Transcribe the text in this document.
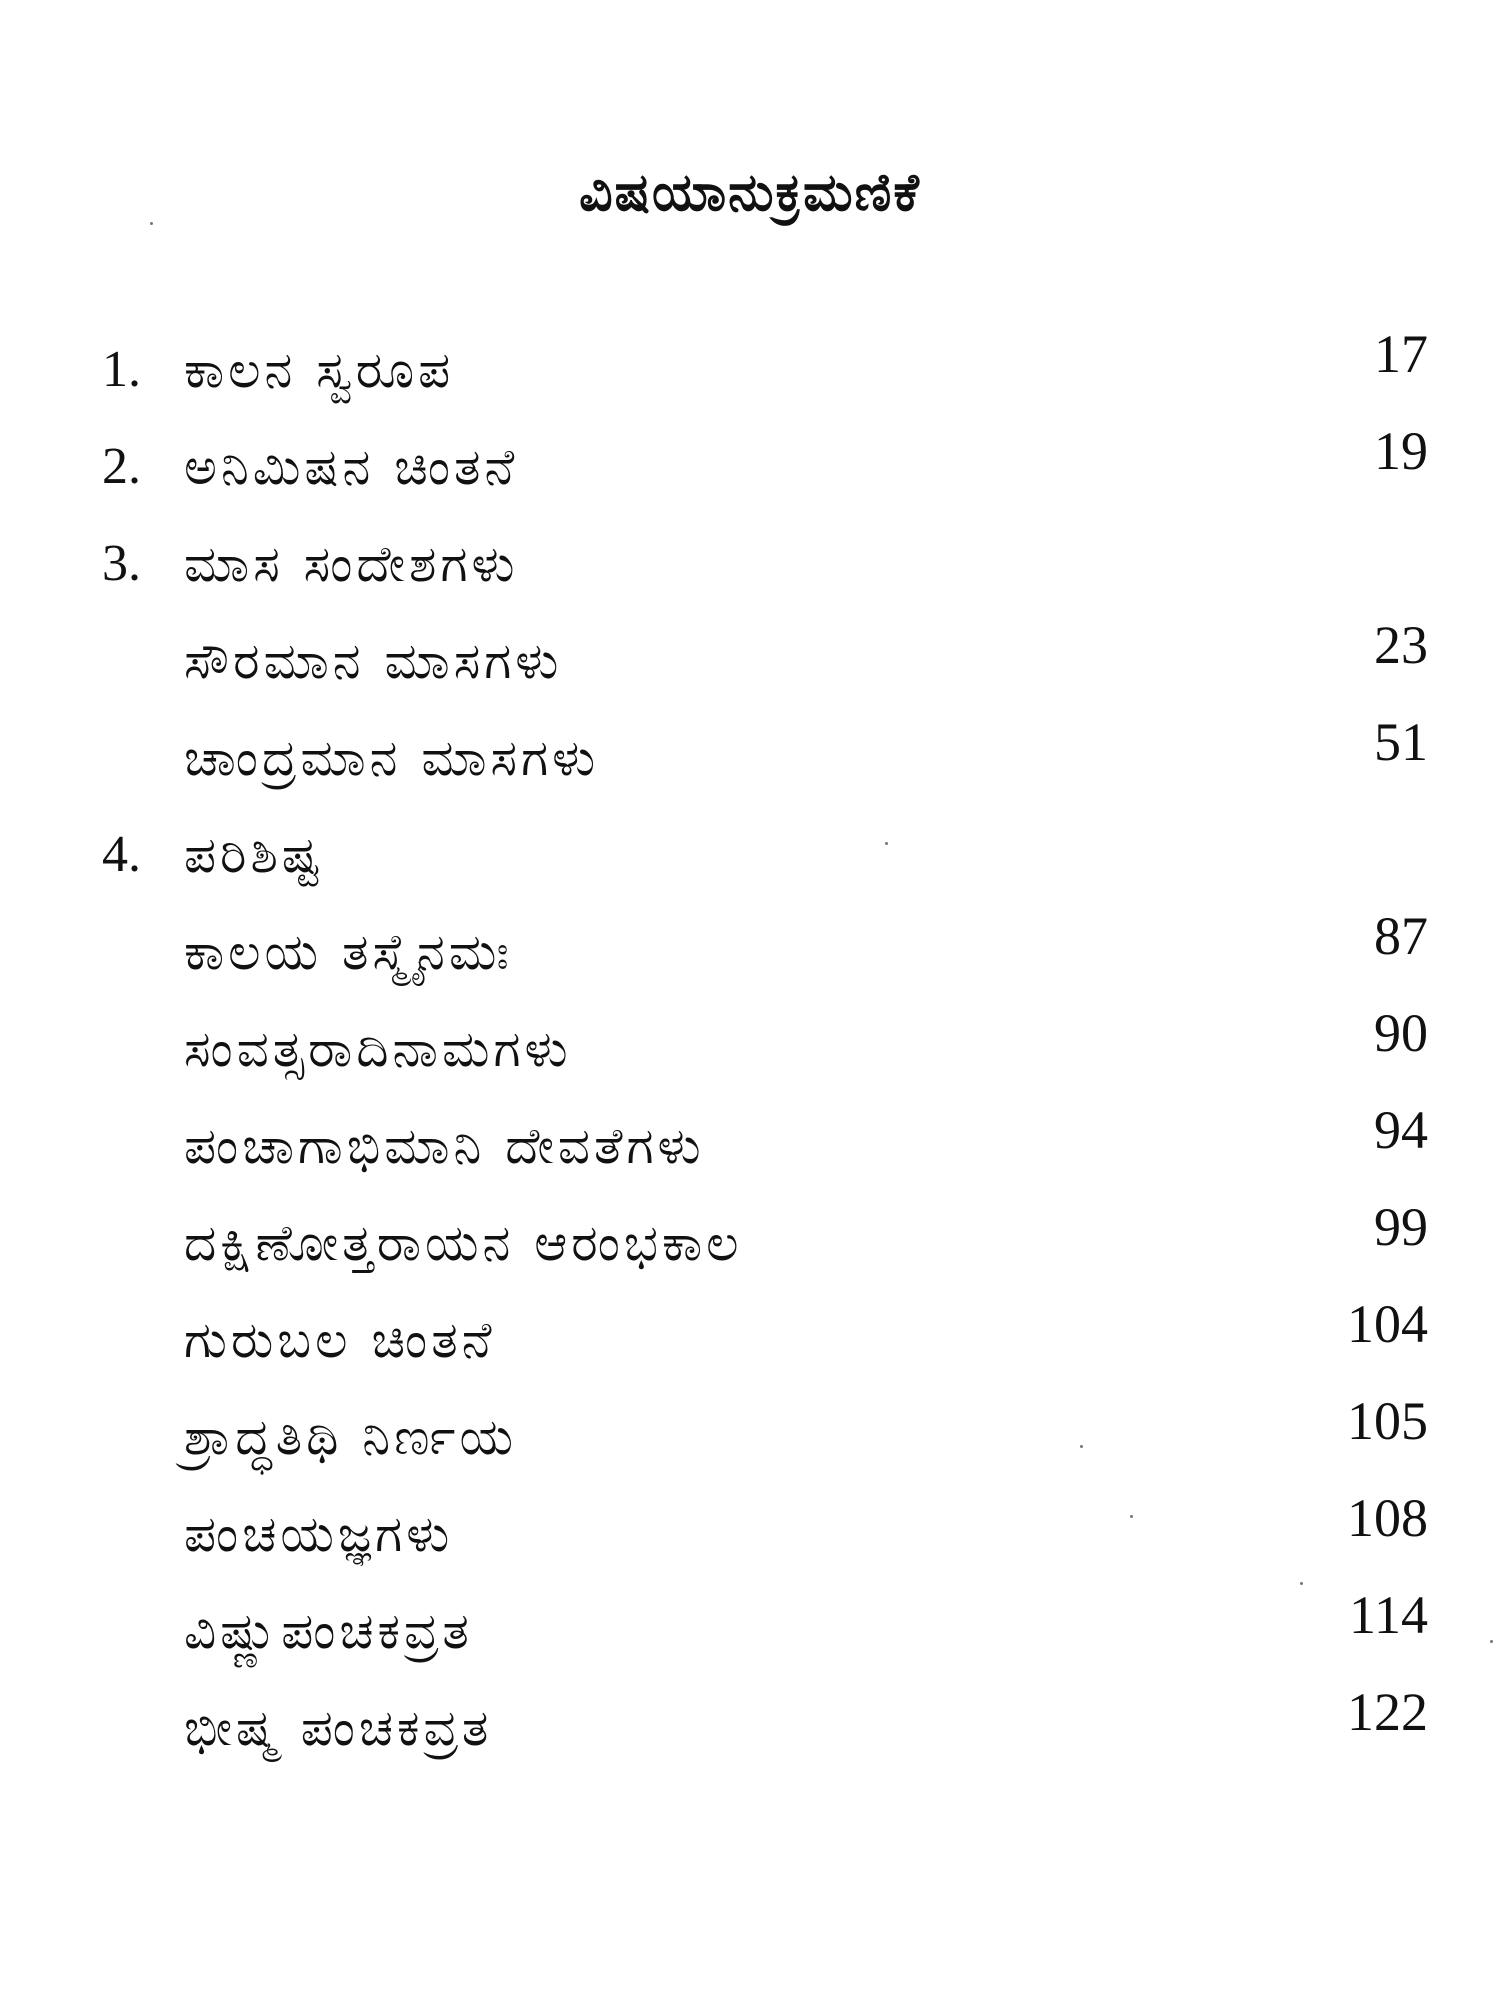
ವಿಷಯಾನುಕ್ರಮಣಿಕೆ
1. ಕಾಲನ ಸ್ವರೂಪ	17
2. ಅನಿಮಿಷನ ಚಿಂತನೆ	19
3. ಮಾಸ ಸಂದೇಶಗಳು
ಸೌರಮಾನ ಮಾಸಗಳು	23
ಚಾಂದ್ರಮಾನ ಮಾಸಗಳು	51
4. ಪರಿಶಿಷ್ಟ
ಕಾಲಯ ತಸ್ಮೈನಮಃ	87
ಸಂವತ್ಸರಾದಿನಾಮಗಳು	90
ಪಂಚಾಗಾಭಿಮಾನಿ ದೇವತೆಗಳು	94
ದಕ್ಷಿಣೋತ್ತರಾಯನ ಆರಂಭಕಾಲ	99
ಗುರುಬಲ ಚಿಂತನೆ	104
ಶ್ರಾದ್ಧತಿಥಿ ನಿರ್ಣಯ	105
ಪಂಚಯಜ್ಞಗಳು	108
ವಿಷ್ಣುಪಂಚಕವ್ರತ	114
ಭೀಷ್ಮ ಪಂಚಕವ್ರತ	122
